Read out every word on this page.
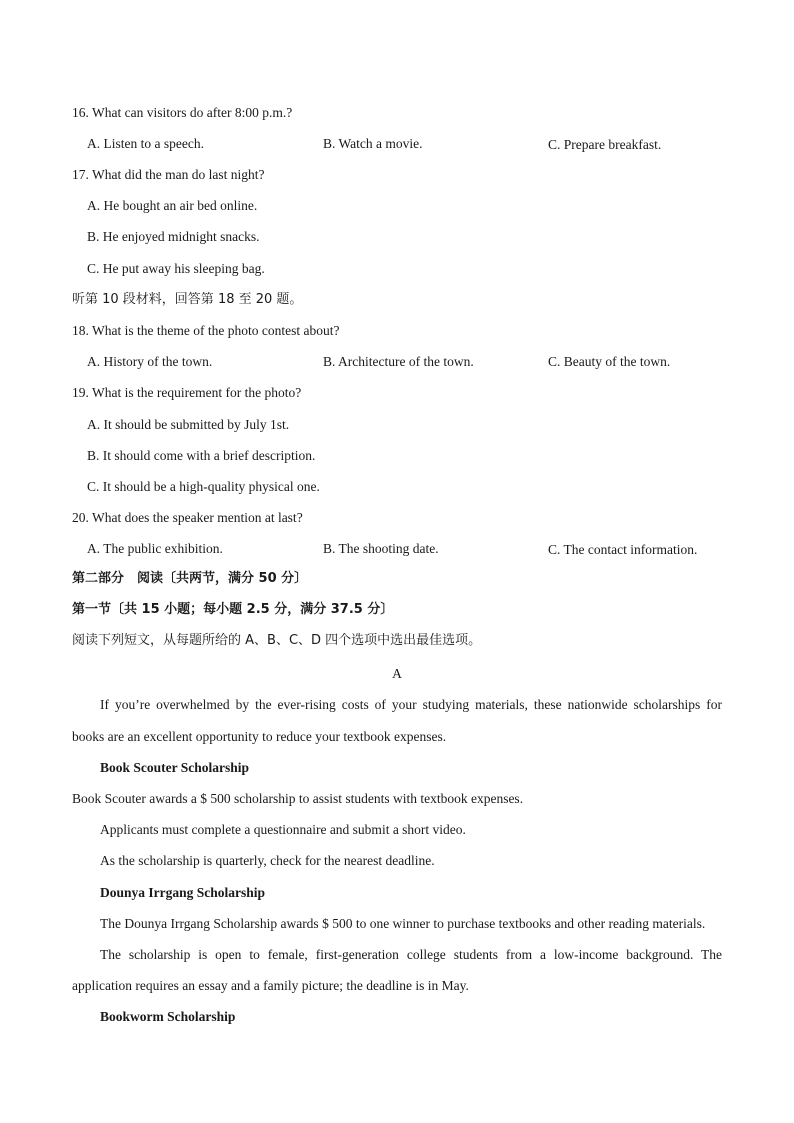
16. What can visitors do after 8:00 p.m.?
A. Listen to a speech.	B. Watch a movie.	C. Prepare breakfast.
17. What did the man do last night?
A. He bought an air bed online.
B. He enjoyed midnight snacks.
C. He put away his sleeping bag.
听第 10 段材料，回答第 18 至 20 题。
18. What is the theme of the photo contest about?
A. History of the town.	B. Architecture of the town.	C. Beauty of the town.
19. What is the requirement for the photo?
A. It should be submitted by July 1st.
B. It should come with a brief description.
C. It should be a high-quality physical one.
20. What does the speaker mention at last?
A. The public exhibition.	B. The shooting date.	C. The contact information.
第二部分　阅读〔共两节，满分 50 分〕
第一节〔共 15 小题；每小题 2.5 分，满分 37.5 分〕
阅读下列短文，从每题所给的 A、B、C、D 四个选项中选出最佳选项。
A
If you’re overwhelmed by the ever-rising costs of your studying materials, these nationwide scholarships for
books are an excellent opportunity to reduce your textbook expenses.
Book Scouter Scholarship
Book Scouter awards a $ 500 scholarship to assist students with textbook expenses.
Applicants must complete a questionnaire and submit a short video.
As the scholarship is quarterly, check for the nearest deadline.
Dounya Irrgang Scholarship
The Dounya Irrgang Scholarship awards $ 500 to one winner to purchase textbooks and other reading materials.
The scholarship is open to female, first-generation college students from a low-income background. The
application requires an essay and a family picture; the deadline is in May.
Bookworm Scholarship
